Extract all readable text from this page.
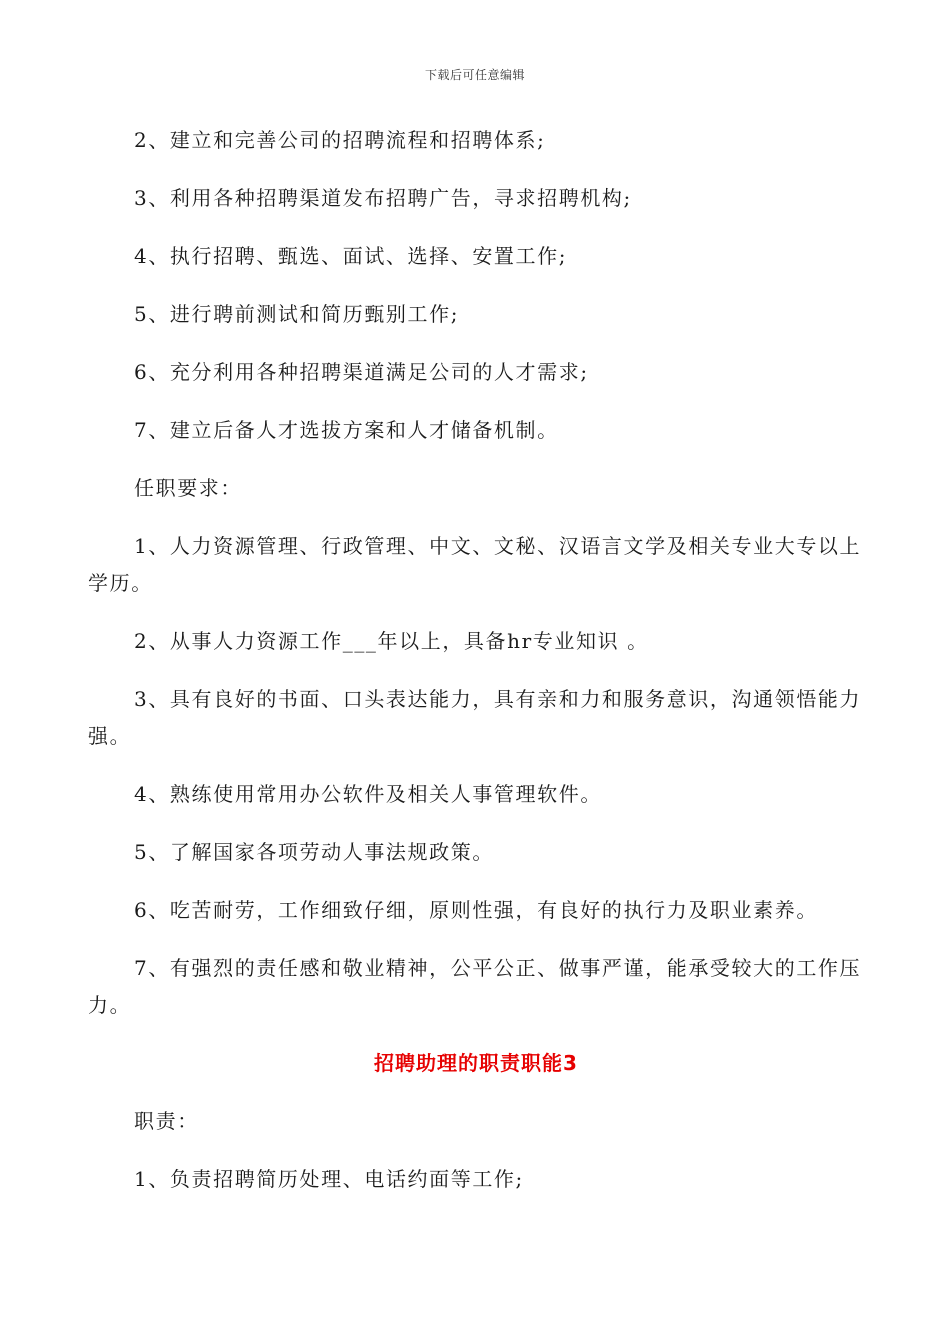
下载后可任意编辑

2、建立和完善公司的招聘流程和招聘体系;

3、利用各种招聘渠道发布招聘广告，寻求招聘机构;

4、执行招聘、甄选、面试、选择、安置工作;

5、进行聘前测试和简历甄别工作;

6、充分利用各种招聘渠道满足公司的人才需求;

7、建立后备人才选拔方案和人才储备机制。

任职要求：

1、人力资源管理、行政管理、中文、文秘、汉语言文学及相关专业大专以上学历。

2、从事人力资源工作___年以上，具备hr专业知识 。

3、具有良好的书面、口头表达能力，具有亲和力和服务意识，沟通领悟能力强。

4、熟练使用常用办公软件及相关人事管理软件。

5、了解国家各项劳动人事法规政策。

6、吃苦耐劳，工作细致仔细，原则性强，有良好的执行力及职业素养。

7、有强烈的责任感和敬业精神，公平公正、做事严谨，能承受较大的工作压力。

招聘助理的职责职能3

职责：

1、负责招聘简历处理、电话约面等工作;
